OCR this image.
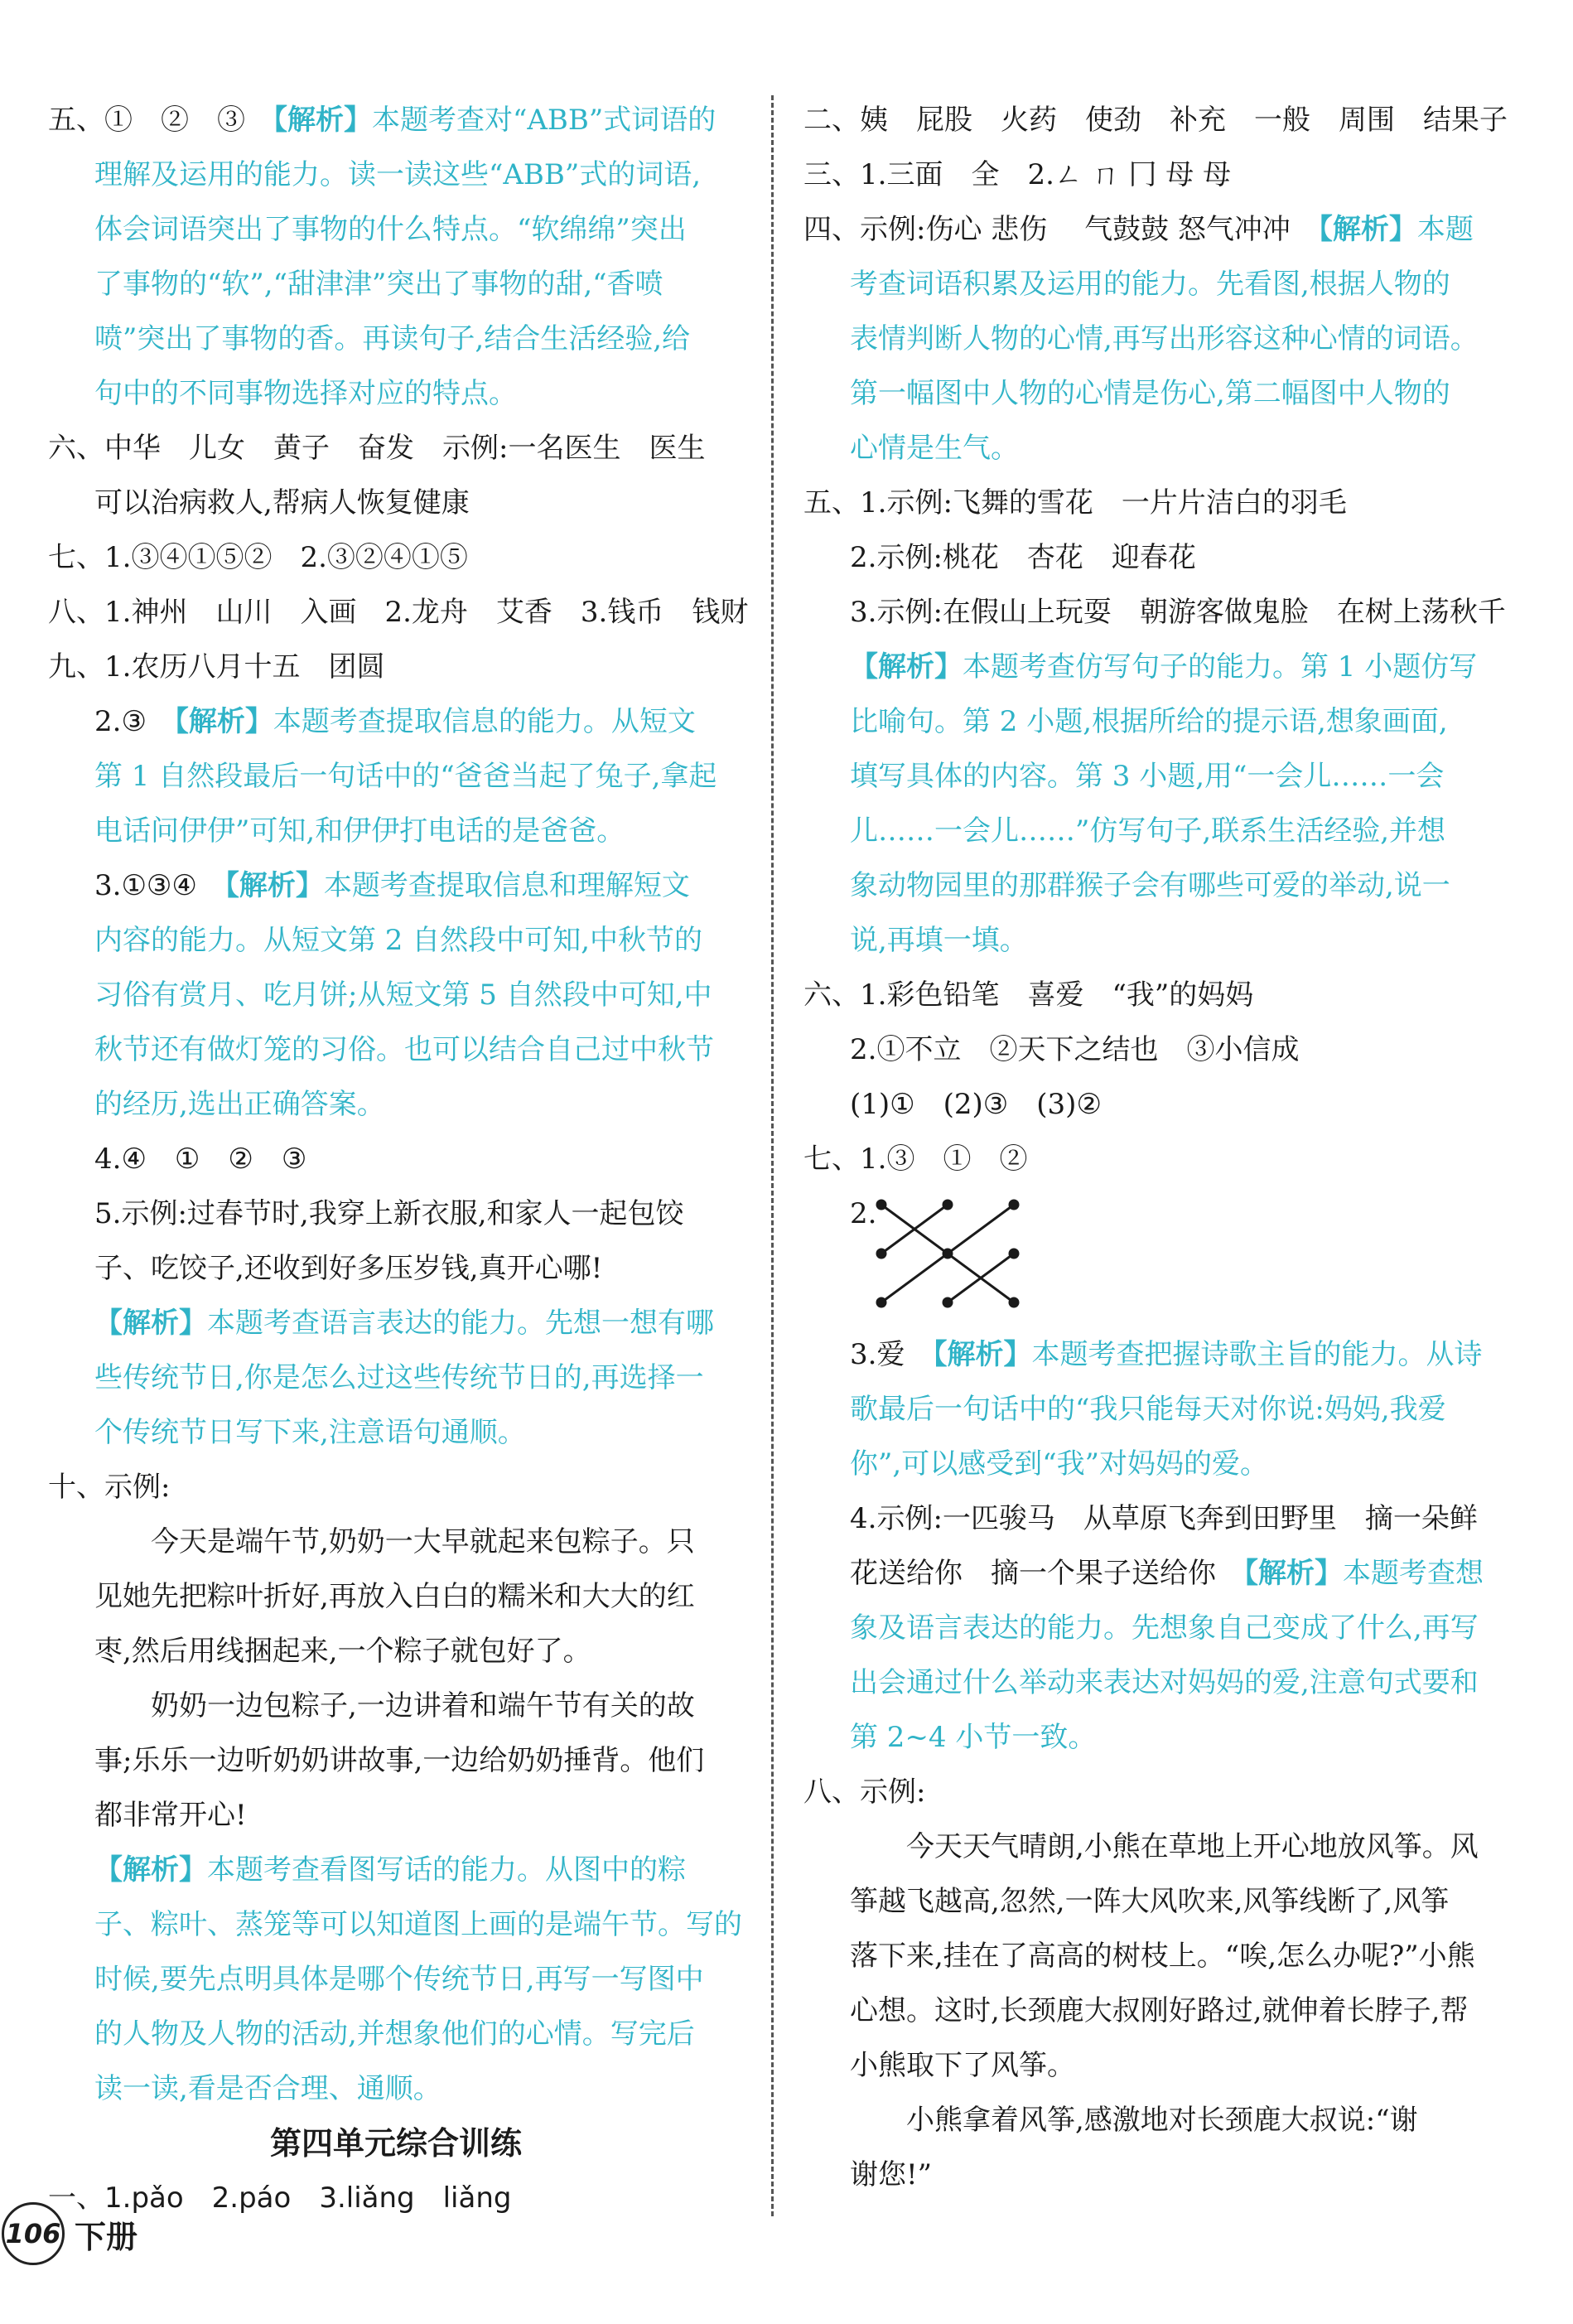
五、①　②　③　【解析】本题考查对“ABB”式词语的
理解及运用的能力。读一读这些“ABB”式的词语,
体会词语突出了事物的什么特点。“软绵绵”突出
了事物的“软”,“甜津津”突出了事物的甜,“香喷
喷”突出了事物的香。再读句子,结合生活经验,给
句中的不同事物选择对应的特点。
六、中华　儿女　黄子　奋发　示例:一名医生　医生
可以治病救人,帮病人恢复健康
七、1.③④①⑤②　2.③②④①⑤
八、1.神州　山川　入画　2.龙舟　艾香　3.钱币　钱财
九、1.农历八月十五　团圆
2.③　【解析】本题考查提取信息的能力。从短文
第 1 自然段最后一句话中的“爸爸当起了兔子,拿起
电话问伊伊”可知,和伊伊打电话的是爸爸。
3.①③④　【解析】本题考查提取信息和理解短文
内容的能力。从短文第 2 自然段中可知,中秋节的
习俗有赏月、吃月饼;从短文第 5 自然段中可知,中
秋节还有做灯笼的习俗。也可以结合自己过中秋节
的经历,选出正确答案。
4.④　①　②　③
5.示例:过春节时,我穿上新衣服,和家人一起包饺
子、吃饺子,还收到好多压岁钱,真开心哪!
【解析】本题考查语言表达的能力。先想一想有哪
些传统节日,你是怎么过这些传统节日的,再选择一
个传统节日写下来,注意语句通顺。
十、示例:
今天是端午节,奶奶一大早就起来包粽子。只
见她先把粽叶折好,再放入白白的糯米和大大的红
枣,然后用线捆起来,一个粽子就包好了。
奶奶一边包粽子,一边讲着和端午节有关的故
事;乐乐一边听奶奶讲故事,一边给奶奶捶背。他们
都非常开心!
【解析】本题考查看图写话的能力。从图中的粽
子、粽叶、蒸笼等可以知道图上画的是端午节。写的
时候,要先点明具体是哪个传统节日,再写一写图中
的人物及人物的活动,并想象他们的心情。写完后
读一读,看是否合理、通顺。
第四单元综合训练
一、1.pǎo　2.páo　3.liǎng　liǎng
二、姨　屁股　火药　使劲　补充　一般　周围　结果子
三、1.三面　全　2.ㄥ ㄇ 冂 母 母
四、示例:伤心 悲伤　 气鼓鼓 怒气冲冲　【解析】本题
考查词语积累及运用的能力。先看图,根据人物的
表情判断人物的心情,再写出形容这种心情的词语。
第一幅图中人物的心情是伤心,第二幅图中人物的
心情是生气。
五、1.示例:飞舞的雪花　一片片洁白的羽毛
2.示例:桃花　杏花　迎春花
3.示例:在假山上玩耍　朝游客做鬼脸　在树上荡秋千
【解析】本题考查仿写句子的能力。第 1 小题仿写
比喻句。第 2 小题,根据所给的提示语,想象画面,
填写具体的内容。第 3 小题,用“一会儿……一会
儿……一会儿……”仿写句子,联系生活经验,并想
象动物园里的那群猴子会有哪些可爱的举动,说一
说,再填一填。
六、1.彩色铅笔　喜爱　“我”的妈妈
2.①不立　②天下之结也　③小信成
(1)①　(2)③　(3)②
七、1.③　①　②
2.
3.爱　【解析】本题考查把握诗歌主旨的能力。从诗
歌最后一句话中的“我只能每天对你说:妈妈,我爱
你”,可以感受到“我”对妈妈的爱。
4.示例:一匹骏马　从草原飞奔到田野里　摘一朵鲜
花送给你　摘一个果子送给你　【解析】本题考查想
象及语言表达的能力。先想象自己变成了什么,再写
出会通过什么举动来表达对妈妈的爱,注意句式要和
第 2~4 小节一致。
八、示例:
今天天气晴朗,小熊在草地上开心地放风筝。风
筝越飞越高,忽然,一阵大风吹来,风筝线断了,风筝
落下来,挂在了高高的树枝上。“唉,怎么办呢?”小熊
心想。这时,长颈鹿大叔刚好路过,就伸着长脖子,帮
小熊取下了风筝。
小熊拿着风筝,感激地对长颈鹿大叔说:“谢
谢您!”
106 下册
